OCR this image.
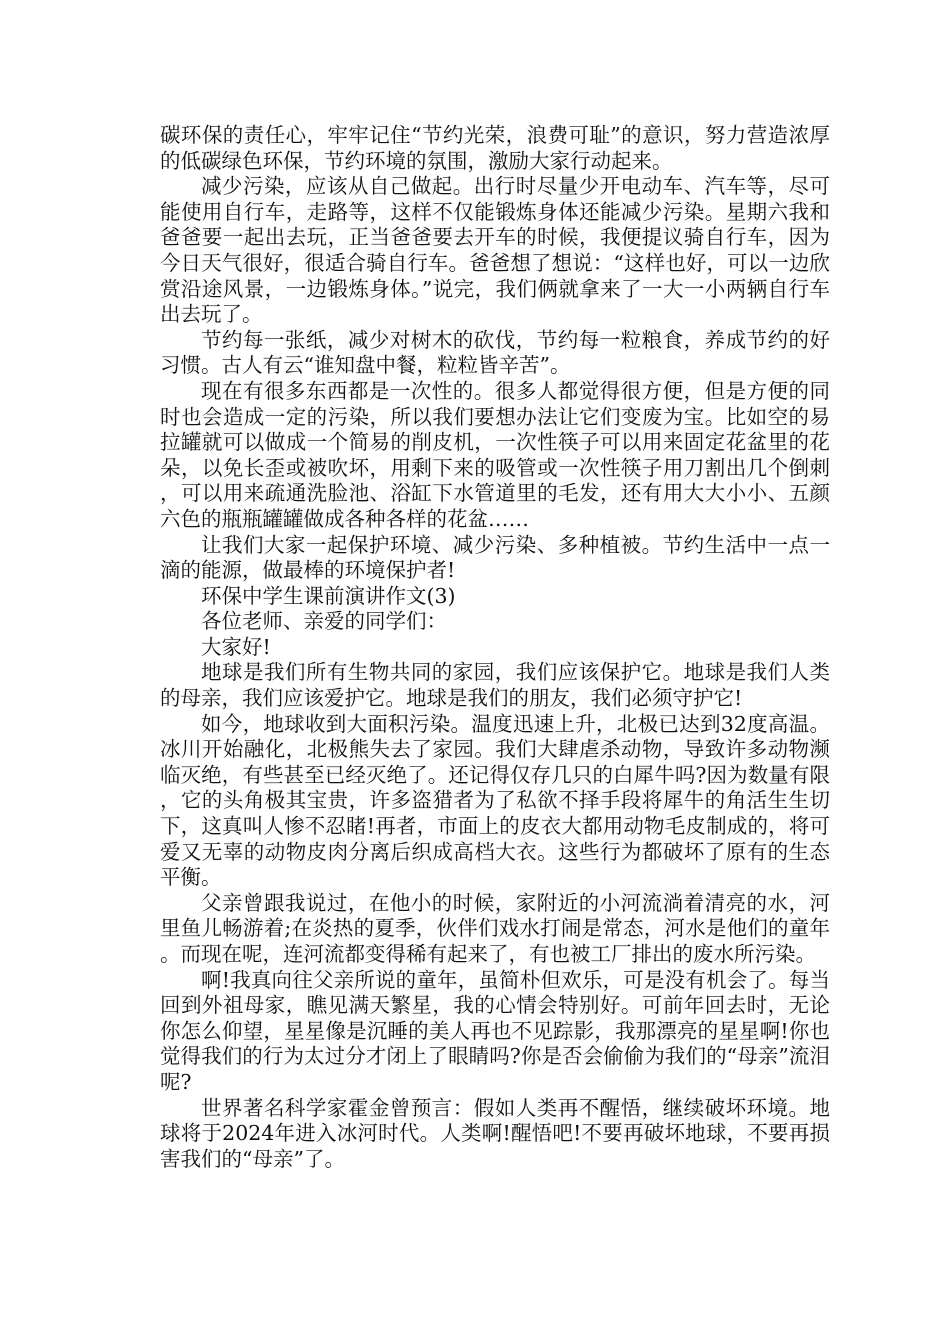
碳环保的责任心，牢牢记住“节约光荣，浪费可耻”的意识，努力营造浓厚的低碳绿色环保，节约环境的氛围，激励大家行动起来。

减少污染，应该从自己做起。出行时尽量少开电动车、汽车等，尽可能使用自行车，走路等，这样不仅能锻炼身体还能减少污染。星期六我和爸爸要一起出去玩，正当爸爸要去开车的时候，我便提议骑自行车，因为今日天气很好，很适合骑自行车。爸爸想了想说：“这样也好，可以一边欣赏沿途风景，一边锻炼身体。”说完，我们俩就拿来了一大一小两辆自行车出去玩了。

节约每一张纸，减少对树木的砍伐，节约每一粒粮食，养成节约的好习惯。古人有云“谁知盘中餐，粒粒皆辛苦”。

现在有很多东西都是一次性的。很多人都觉得很方便，但是方便的同时也会造成一定的污染，所以我们要想办法让它们变废为宝。比如空的易拉罐就可以做成一个简易的削皮机，一次性筷子可以用来固定花盆里的花朵，以免长歪或被吹坏，用剩下来的吸管或一次性筷子用刀割出几个倒刺，可以用来疏通洗脸池、浴缸下水管道里的毛发，还有用大大小小、五颜六色的瓶瓶罐罐做成各种各样的花盆……

让我们大家一起保护环境、减少污染、多种植被。节约生活中一点一滴的能源，做最棒的环境保护者!

环保中学生课前演讲作文(3)

各位老师、亲爱的同学们：

大家好!

地球是我们所有生物共同的家园，我们应该保护它。地球是我们人类的母亲，我们应该爱护它。地球是我们的朋友，我们必须守护它!

如今，地球收到大面积污染。温度迅速上升，北极已达到32度高温。冰川开始融化，北极熊失去了家园。我们大肆虐杀动物，导致许多动物濒临灭绝，有些甚至已经灭绝了。还记得仅存几只的白犀牛吗?因为数量有限，它的头角极其宝贵，许多盗猎者为了私欲不择手段将犀牛的角活生生切下，这真叫人惨不忍睹!再者，市面上的皮衣大都用动物毛皮制成的，将可爱又无辜的动物皮肉分离后织成高档大衣。这些行为都破坏了原有的生态平衡。

父亲曾跟我说过，在他小的时候，家附近的小河流淌着清亮的水，河里鱼儿畅游着;在炎热的夏季，伙伴们戏水打闹是常态，河水是他们的童年。而现在呢，连河流都变得稀有起来了，有也被工厂排出的废水所污染。

啊!我真向往父亲所说的童年，虽简朴但欢乐，可是没有机会了。每当回到外祖母家，瞧见满天繁星，我的心情会特别好。可前年回去时，无论你怎么仰望，星星像是沉睡的美人再也不见踪影，我那漂亮的星星啊!你也觉得我们的行为太过分才闭上了眼睛吗?你是否会偷偷为我们的“母亲”流泪呢?

世界著名科学家霍金曾预言：假如人类再不醒悟，继续破坏环境。地球将于2024年进入冰河时代。人类啊!醒悟吧!不要再破坏地球，不要再损害我们的“母亲”了。
